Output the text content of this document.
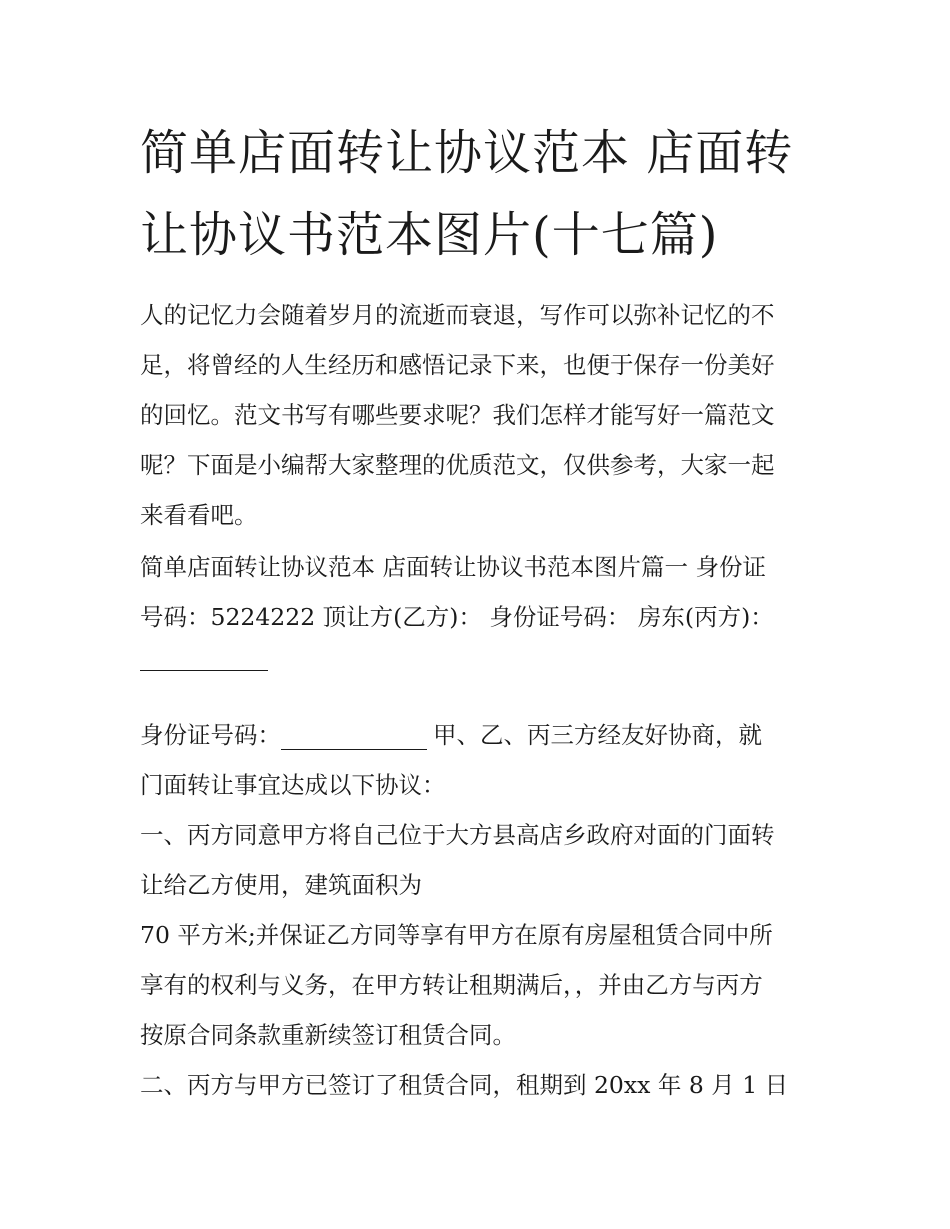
简单店面转让协议范本 店面转
让协议书范本图片(十七篇)

人的记忆力会随着岁月的流逝而衰退，写作可以弥补记忆的不
足，将曾经的人生经历和感悟记录下来，也便于保存一份美好
的回忆。范文书写有哪些要求呢？我们怎样才能写好一篇范文
呢？下面是小编帮大家整理的优质范文，仅供参考，大家一起
来看看吧。

简单店面转让协议范本 店面转让协议书范本图片篇一 身份证
号码：5224222 顶让方(乙方)： 身份证号码： 房东(丙方)：
身份证号码：	甲、乙、丙三方经友好协商，就
门面转让事宜达成以下协议：
一、丙方同意甲方将自己位于大方县高店乡政府对面的门面转
让给乙方使用，建筑面积为
70 平方米;并保证乙方同等享有甲方在原有房屋租赁合同中所
享有的权利与义务，在甲方转让租期满后，，并由乙方与丙方
按原合同条款重新续签订租赁合同。
二、丙方与甲方已签订了租赁合同，租期到 20xx 年 8 月 1 日
